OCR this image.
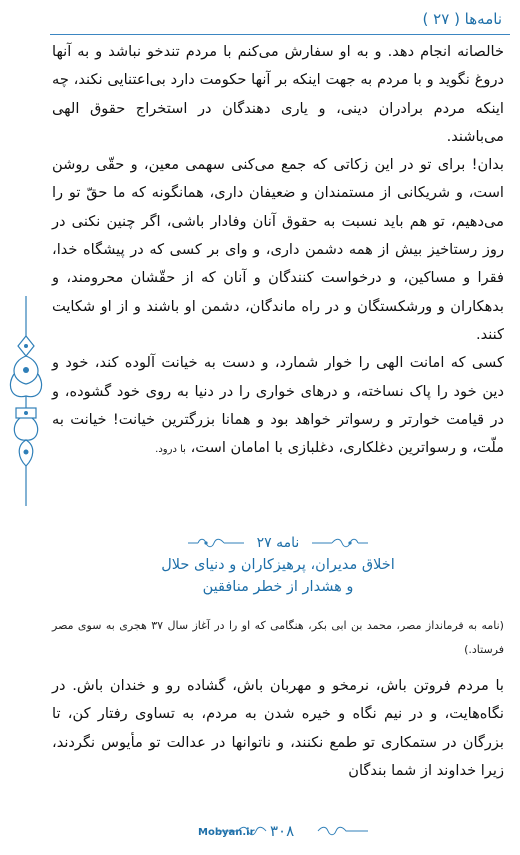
نامه‌ها ( ۲۷ )

خالصانه انجام دهد. و به او سفارش می‌کنم با مردم تندخو نباشد و به آنها دروغ نگوید و با مردم به جهت اینکه بر آنها حکومت دارد بی‌اعتنایی نکند، چه اینکه مردم برادران دینی، و یاری دهندگان در استخراج حقوق الهی می‌باشند.

بدان! برای تو در این زکاتی که جمع می‌کنی سهمی معین، و حقّی روشن است، و شریکانی از مستمندان و ضعیفان داری، همانگونه که ما حقّ تو را می‌دهیم، تو هم باید نسبت به حقوق آنان وفادار باشی، اگر چنین نکنی در روز رستاخیز بیش از همه دشمن داری، و وای بر کسی که در پیشگاه خدا، فقرا و مساکین، و درخواست کنندگان و آنان که از حقّشان محرومند، و بدهکاران و ورشکستگان و در راه ماندگان، دشمن او باشند و از او شکایت کنند.

کسی که امانت الهی را خوار شمارد، و دست به خیانت آلوده کند، خود و دین خود را پاک نساخته، و درهای خواری را در دنیا به روی خود گشوده، و در قیامت خوارتر و رسواتر خواهد بود و همانا بزرگترین خیانت! خیانت به ملّت، و رسواترین دغلکاری، دغلبازی با امامان است، با درود.

نامه ۲۷
اخلاق مدیران، پرهیزکاران و دنیای حلال
و هشدار از خطر منافقین
(نامه به فرمانداز مصر، محمد بن ابی بکر، هنگامی که او را در آغاز سال ۳۷ هجری به سوی مصر فرستاد.)
با مردم فروتن باش، نرمخو و مهربان باش، گشاده رو و خندان باش. در نگاه‌هایت، و در نیم نگاه و خیره شدن به مردم، به تساوی رفتار کن، تا بزرگان در ستمکاری تو طمع نکنند، و ناتوانها در عدالت تو مأیوس نگردند، زیرا خداوند از شما بندگان
Mobyan.ir ۳۰۸
